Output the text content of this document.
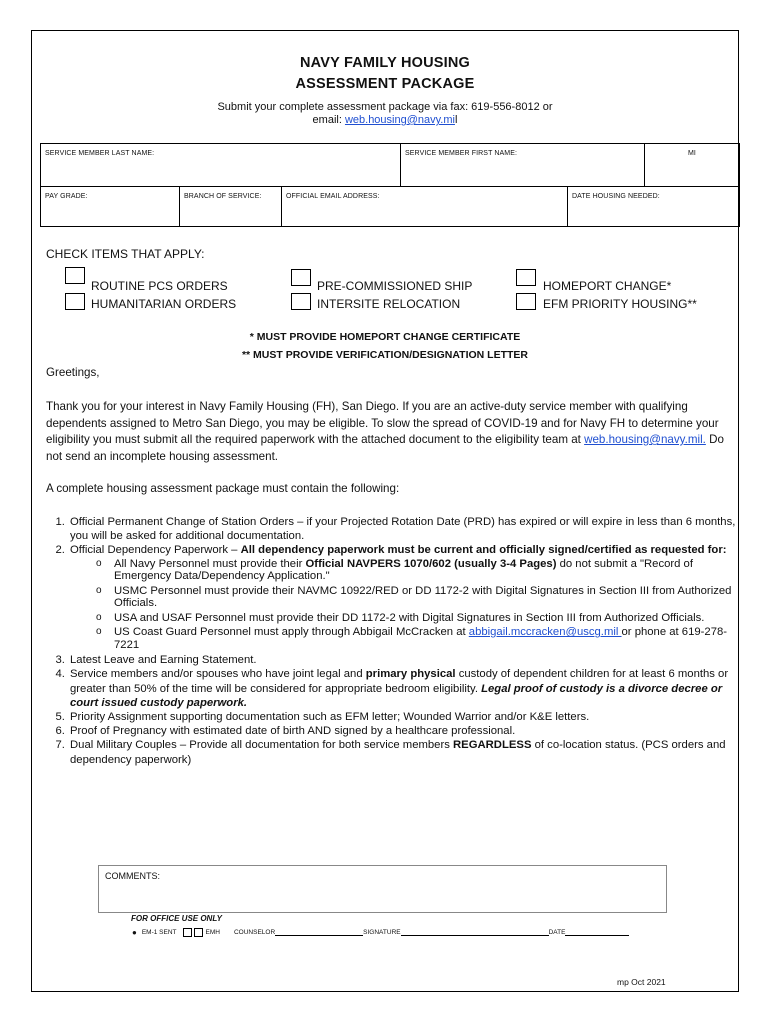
NAVY FAMILY HOUSING
ASSESSMENT PACKAGE
Submit your complete assessment package via fax: 619-556-8012 or
email: web.housing@navy.mil
SERVICE MEMBER LAST NAME:	SERVICE MEMBER FIRST NAME:	MI
PAY GRADE:	BRANCH OF SERVICE:	OFFICIAL EMAIL ADDRESS:	DATE HOUSING NEEDED:
CHECK ITEMS THAT APPLY:
ROUTINE PCS ORDERS
HUMANITARIAN ORDERS
PRE-COMMISSIONED SHIP
INTERSITE RELOCATION
HOMEPORT CHANGE*
EFM PRIORITY HOUSING**
* MUST PROVIDE HOMEPORT CHANGE CERTIFICATE
** MUST PROVIDE VERIFICATION/DESIGNATION LETTER
Greetings,
Thank you for your interest in Navy Family Housing (FH), San Diego. If you are an active-duty service member with qualifying dependents assigned to Metro San Diego, you may be eligible. To slow the spread of COVID-19 and for Navy FH to determine your eligibility you must submit all the required paperwork with the attached document to the eligibility team at web.housing@navy.mil. Do not send an incomplete housing assessment.
A complete housing assessment package must contain the following:
1. Official Permanent Change of Station Orders – if your Projected Rotation Date (PRD) has expired or will expire in less than 6 months, you will be asked for additional documentation.
2. Official Dependency Paperwork – All dependency paperwork must be current and officially signed/certified as requested for:
o All Navy Personnel must provide their Official NAVPERS 1070/602 (usually 3-4 Pages) do not submit a "Record of Emergency Data/Dependency Application."
o USMC Personnel must provide their NAVMC 10922/RED or DD 1172-2 with Digital Signatures in Section III from Authorized Officials.
o USA and USAF Personnel must provide their DD 1172-2 with Digital Signatures in Section III from Authorized Officials.
o US Coast Guard Personnel must apply through Abbigail McCracken at abbigail.mccracken@uscg.mil or phone at 619-278-7221
3. Latest Leave and Earning Statement.
4. Service members and/or spouses who have joint legal and primary physical custody of dependent children for at least 6 months or greater than 50% of the time will be considered for appropriate bedroom eligibility. Legal proof of custody is a divorce decree or court issued custody paperwork.
5. Priority Assignment supporting documentation such as EFM letter; Wounded Warrior and/or K&E letters.
6. Proof of Pregnancy with estimated date of birth AND signed by a healthcare professional.
7. Dual Military Couples – Provide all documentation for both service members REGARDLESS of co-location status. (PCS orders and dependency paperwork)
COMMENTS:
FOR OFFICE USE ONLY
● EM-1 SENT	EMH COUNSELOR	SIGNATURE	DATE
mp Oct 2021
